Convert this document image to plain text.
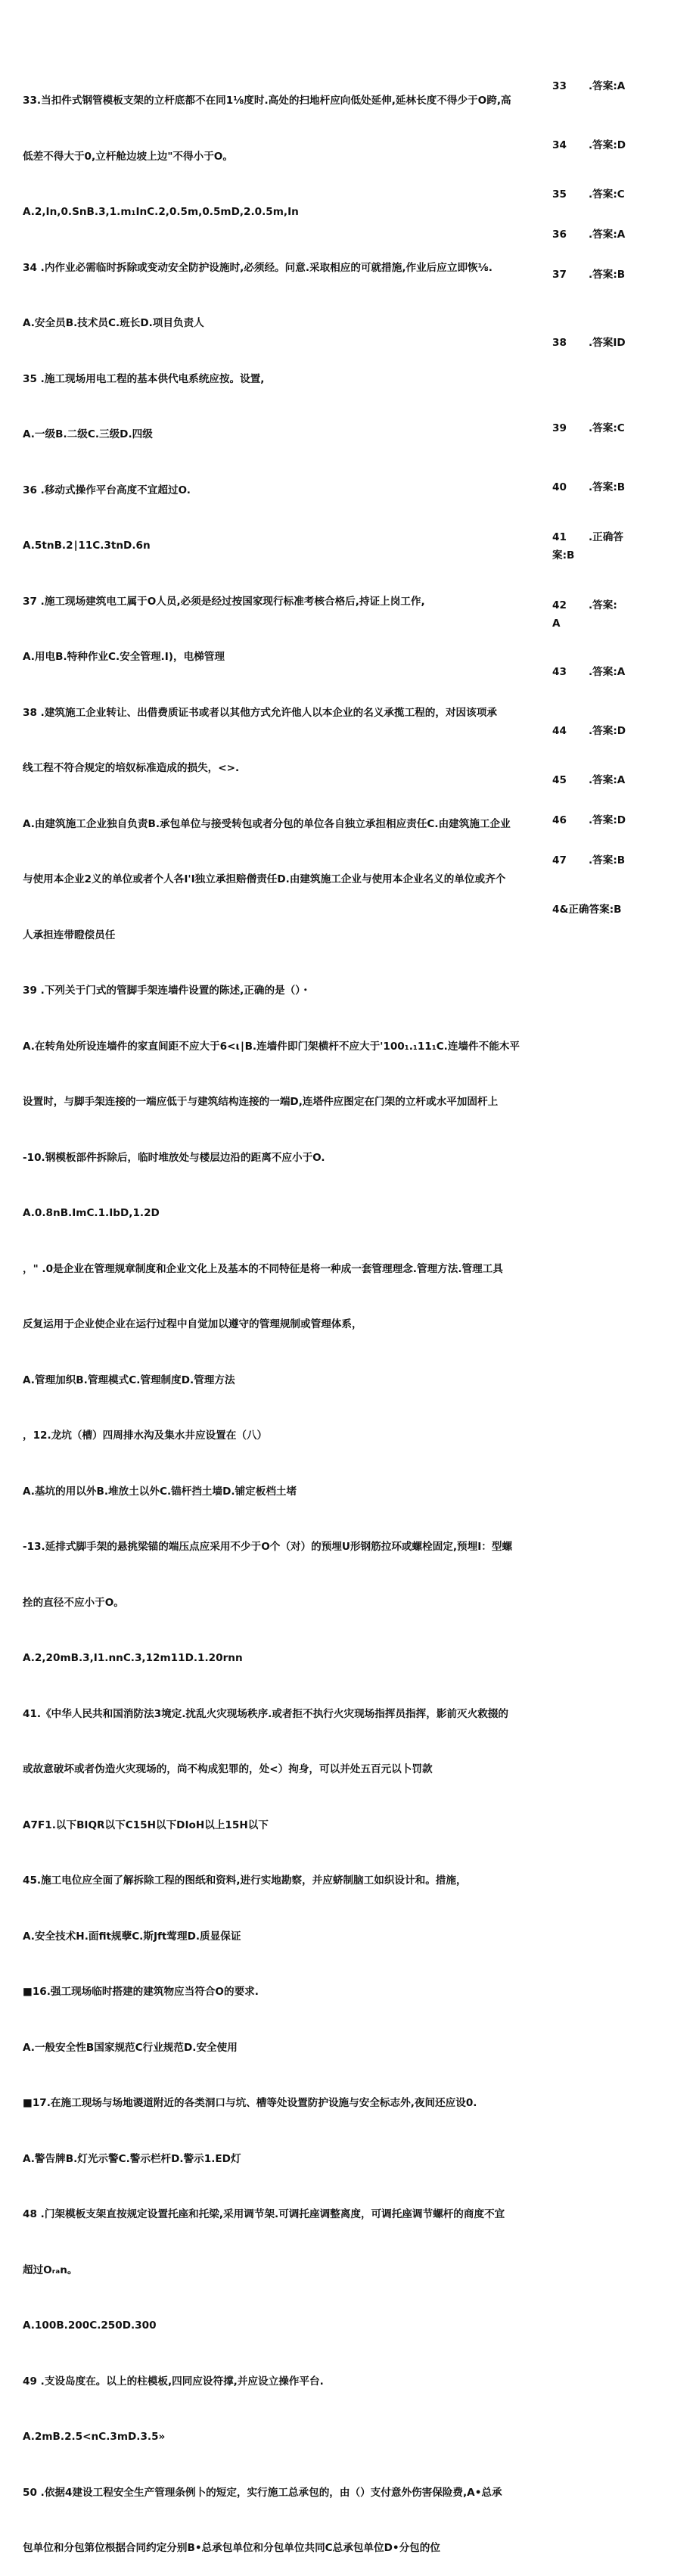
33.当扣件式钢管模板支架的立杆底都不在同1⅛度时.高处的扫地杆应向低处延伸,延林长度不得少于O跨,高

低差不得大于0,立杆舱边坡上边"不得小于O。

A.2,In,0.SnB.3,1.m₁InC.2,0.5m,0.5mD,2.0.5m,In

34 .内作业必需临时拆除或变动安全防护设施时,必须经。问意.采取相应的可就措施,作业后应立即恢⅛.

A.安全员B.技术员C.班长D.项目负责人

35 .施工现场用电工程的基本供代电系统应按。设置,

A.一级B.二级C.三级D.四级

36 .移动式操作平台高度不宜超过O.

A.5tnB.2∣11C.3tnD.6n

37 .施工现场建筑电工属于O人员,必须是经过按国家现行标准考核合格后,持证上岗工作,

A.用电B.特种作业C.安全管理.I)，电梯管理

38 .建筑施工企业转让、出借费质证书或者以其他方式允许他人以本企业的名义承揽工程的，对因该项承

线工程不符合规定的培奴标准造成的损失，<>.

A.由建筑施工企业独自负责B.承包单位与接受转包或者分包的单位各自独立承担相应责任C.由建筑施工企业

与使用本企业2义的单位或者个人各I'I独立承担赔僧责任D.由建筑施工企业与使用本企业名义的单位或齐个

人承担连带瞪偿员任

39 .下列关于门式的管脚手架连墙件设置的陈述,正确的是（）・

A.在转角处所设连墙件的家直间距不应大于6<ι∣B.连墙件即门架横杆不应大于'100₁.₁11₁C.连墙件不能木平

设置时，与脚手架连接的一端应低于与建筑结构连接的一端D,连塔件应图定在门架的立杆或水平加固杆上

-10.钢模板部件拆除后，临时堆放处与楼层边沿的距离不应小于O.

A.0.8nB.ImC.1.IbD,1.2D

，" .0是企业在管理规章制度和企业文化上及基本的不同特征是将一种成一套管理理念.管理方法.管理工具

反复运用于企业使企业在运行过程中自觉加以遵守的管理规制或管理体系，

A.管理加织B.管理模式C.管理制度D.管理方法

，12.龙坑（槽）四周排水沟及集水井应设置在（八）

A.基坑的用以外B.堆放土以外C.锚杆挡土墙D.铺定板档土堵

-13.延排式脚手架的悬挑梁锚的端压点应采用不少于O个（对）的预埋U形钢筋拉环或螺栓固定,预埋I：型螺

拴的直径不应小于O。

A.2,20mB.3,I1.nnC.3,12m11D.1.20rnn

41.《中华人民共和国消防法3境定.扰乱火灾现场秩序.或者拒不执行火灾现场指挥员指挥，影前灭火救掇的

或故意破坏或者伪造火灾现场的，尚不构成犯罪的，处<）拘身，可以并处五百元以卜罚款

A7F1.以下BIQR以下C15H以下DIoH以上15H以下

45.施工电位应全面了解拆除工程的图纸和资料,进行实地勘察，并应蛴制脑工如织设计和。措施，

A.安全技术H.面fit规孽C.斯Jft莺理D.质显保证

■16.强工现场临时搭建的建筑物应当符合O的要求.

A.一般安全性B国家规范C行业规范D.安全使用

■17.在施工现场与场地谡道附近的各类洞口与坑、槽等处设置防护设施与安全标志外,夜间还应设0.

A.警告牌B.灯光示警C.警示栏杆D.警示1.ED灯

48 .门架模板支架直按规定设置托座和托梁,采用调节架.可调托座调整离度，可调托座调节螺杆的商度不宜

超过Oᵣₐn。

A.100B.200C.250D.300

49 .支设岛度在。以上的柱模板,四同应设符撑,并应设立操作平台.

A.2mB.2.5<nC.3mD.3.5»

50 .依据4建设工程安全生产管理条例卜的短定，实行施工总承包的，由（）支付意外伤害保险费,A•总承

包单位和分包第位根据合同约定分别B•总承包单位和分包单位共同C总承包单位D•分包的位

33 .答案:A
34 .答案:D
35 .答案:C
36 .答案:A
37 .答案:B
38 .答案ID
39 .答案:C
40 .答案:B
41 .正确答
案:B
42 .答案:
A
43 .答案:A
44 .答案:D
45 .答案:A
46 .答案:D
47 .答案:B
4&正确答案:B
